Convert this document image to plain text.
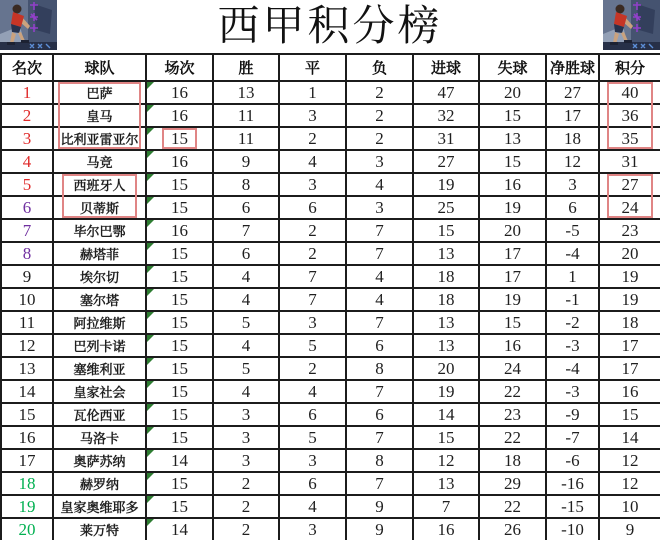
西甲积分榜
名次	球队	场次	胜	平	负	进球	失球	净胜球	积分
1	巴萨	16	13	1	2	47	20	27	40
2	皇马	16	11	3	2	32	15	17	36
3	比利亚雷亚尔	15	11	2	2	31	13	18	35
4	马竞	16	9	4	3	27	15	12	31
5	西班牙人	15	8	3	4	19	16	3	27
6	贝蒂斯	15	6	6	3	25	19	6	24
7	毕尔巴鄂	16	7	2	7	15	20	-5	23
8	赫塔菲	15	6	2	7	13	17	-4	20
9	埃尔切	15	4	7	4	18	17	1	19
10	塞尔塔	15	4	7	4	18	19	-1	19
11	阿拉维斯	15	5	3	7	13	15	-2	18
12	巴列卡诺	15	4	5	6	13	16	-3	17
13	塞维利亚	15	5	2	8	20	24	-4	17
14	皇家社会	15	4	4	7	19	22	-3	16
15	瓦伦西亚	15	3	6	6	14	23	-9	15
16	马洛卡	15	3	5	7	15	22	-7	14
17	奥萨苏纳	14	3	3	8	12	18	-6	12
18	赫罗纳	15	2	6	7	13	29	-16	12
19	皇家奥维耶多	15	2	4	9	7	22	-15	10
20	莱万特	14	2	3	9	16	26	-10	9
